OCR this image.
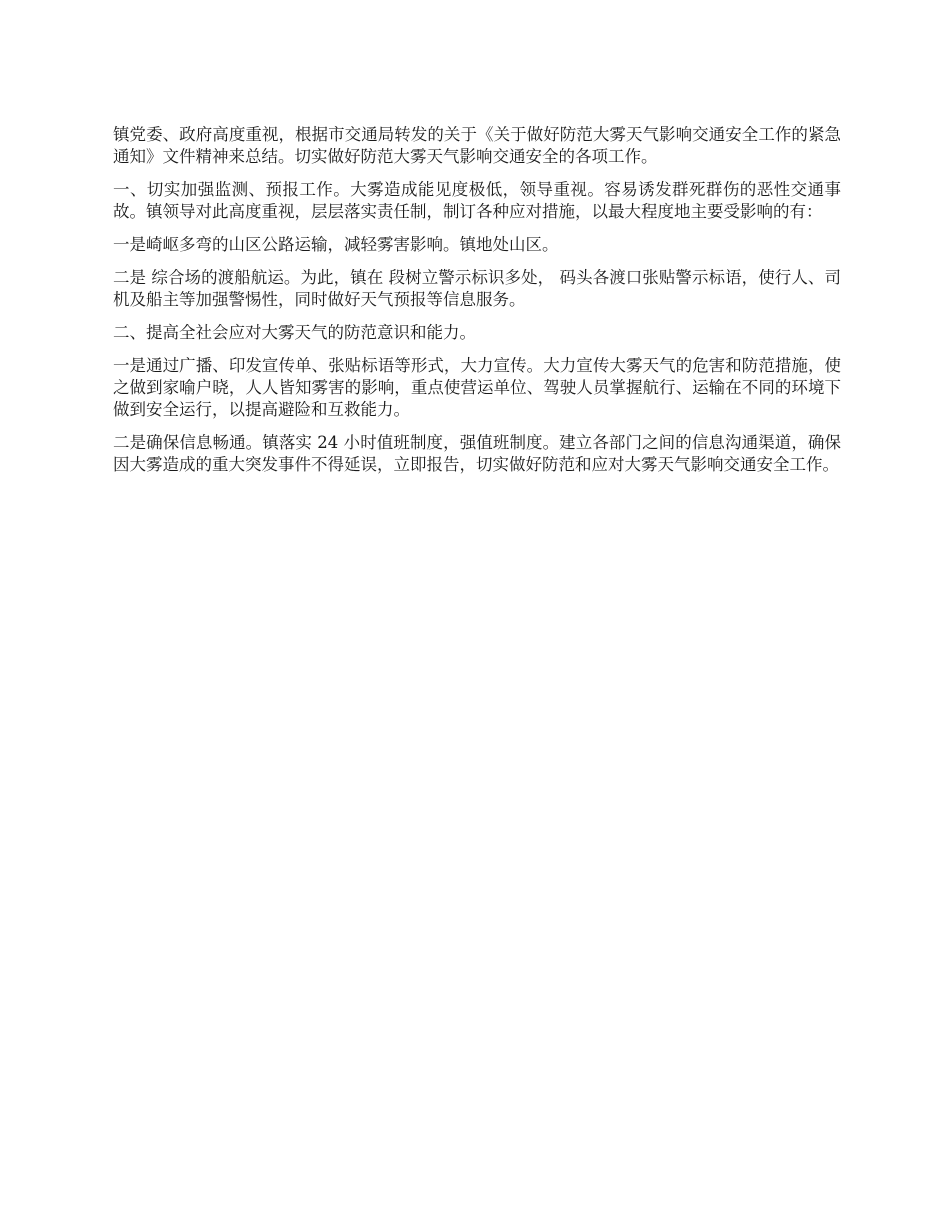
镇党委、政府高度重视，根据市交通局转发的关于《关于做好防范大雾天气影响交通安全工作的紧急通知》文件精神来总结。切实做好防范大雾天气影响交通安全的各项工作。

一、切实加强监测、预报工作。大雾造成能见度极低，领导重视。容易诱发群死群伤的恶性交通事故。镇领导对此高度重视，层层落实责任制，制订各种应对措施，以最大程度地主要受影响的有：

一是崎岖多弯的山区公路运输，减轻雾害影响。镇地处山区。

二是 综合场的渡船航运。为此，镇在 段树立警示标识多处， 码头各渡口张贴警示标语，使行人、司机及船主等加强警惕性，同时做好天气预报等信息服务。

二、提高全社会应对大雾天气的防范意识和能力。

一是通过广播、印发宣传单、张贴标语等形式，大力宣传。大力宣传大雾天气的危害和防范措施，使之做到家喻户晓，人人皆知雾害的影响，重点使营运单位、驾驶人员掌握航行、运输在不同的环境下做到安全运行，以提高避险和互救能力。

二是确保信息畅通。镇落实 24 小时值班制度，强值班制度。建立各部门之间的信息沟通渠道，确保因大雾造成的重大突发事件不得延误，立即报告，切实做好防范和应对大雾天气影响交通安全工作。
